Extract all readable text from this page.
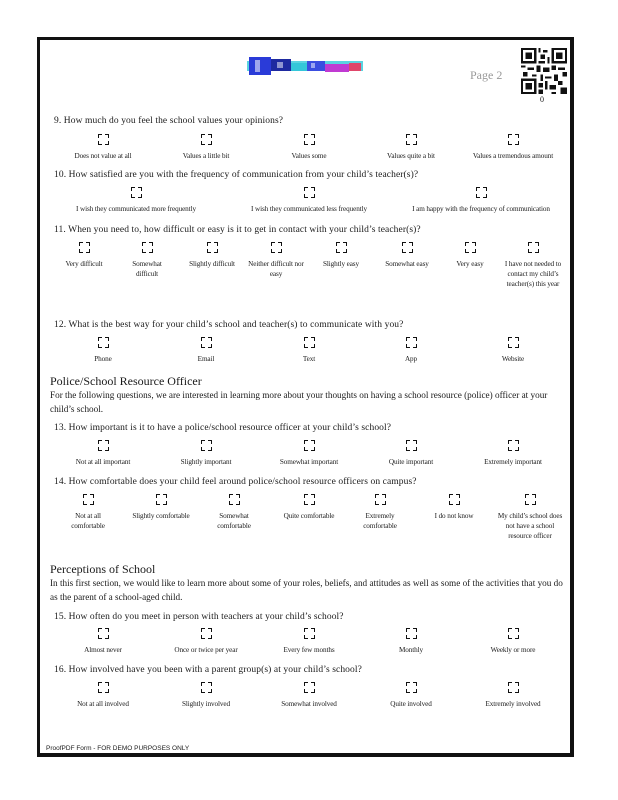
Page 2
0
9. How much do you feel the school values your opinions?
Does not value at all	Values a little bit	Values some	Values quite a bit	Values a tremendous amount
10. How satisfied are you with the frequency of communication from your child’s teacher(s)?
I wish they communicated more frequently	I wish they communicated less frequently	I am happy with the frequency of communication
11. When you need to, how difficult or easy is it to get in contact with your child’s teacher(s)?
Very difficult	Somewhat difficult
Slightly difficult	Neither difficult nor easy
Slightly easy	Somewhat easy	Very easy	I have not needed to contact my child’s teacher(s) this year
12. What is the best way for your child’s school and teacher(s) to communicate with you?
Phone	Email	Text	App	Website
Police/School Resource Officer
For the following questions, we are interested in learning more about your thoughts on having a school resource (police) officer at your child’s school.
13. How important is it to have a police/school resource officer at your child’s school?
Not at all important	Slightly important	Somewhat important	Quite important	Extremely important
14. How comfortable does your child feel around police/school resource officers on campus?
Not at all comfortable
Slightly comfortable	Somewhat comfortable
Quite comfortable	Extremely comfortable
I do not know	My child’s school does not have a school resource officer
Perceptions of School
In this first section, we would like to learn more about some of your roles, beliefs, and attitudes as well as some of the activities that you do as the parent of a school-aged child.
15. How often do you meet in person with teachers at your child’s school?
Almost never	Once or twice per year	Every few months	Monthly	Weekly or more
16. How involved have you been with a parent group(s) at your child’s school?
Not at all involved	Slightly involved	Somewhat involved	Quite involved	Extremely involved
ProofPDF Form - FOR DEMO PURPOSES ONLY
